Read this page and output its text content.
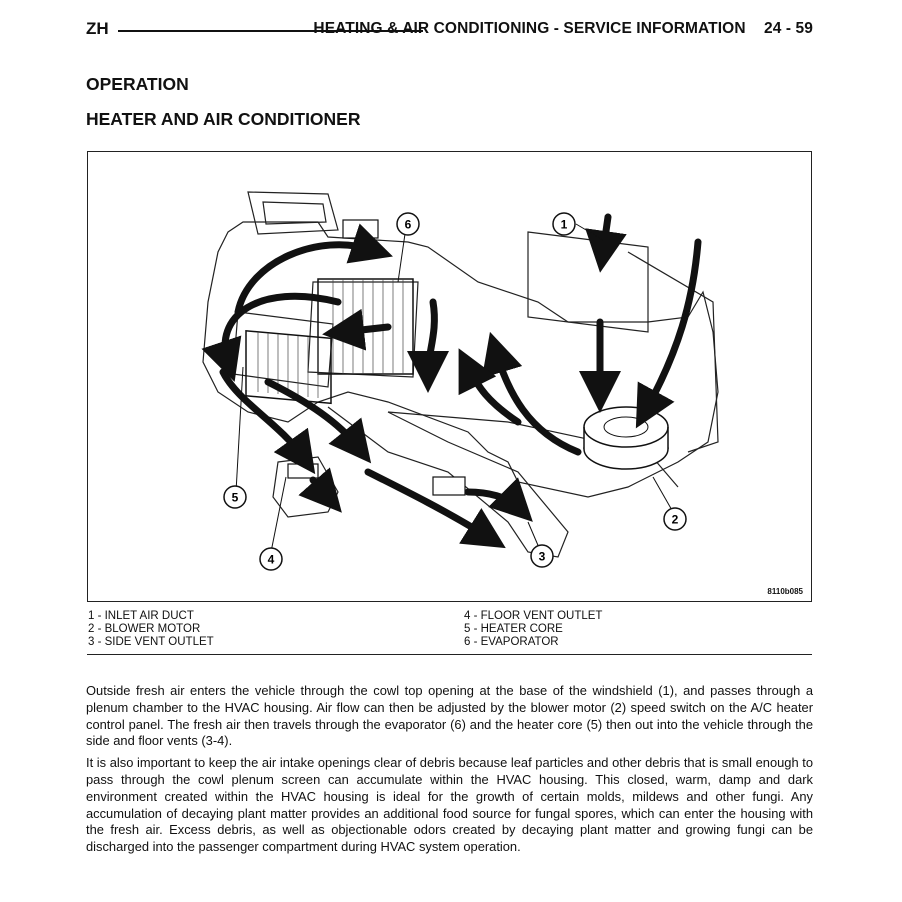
ZH	HEATING & AIR CONDITIONING - SERVICE INFORMATION 24 - 59
OPERATION
HEATER AND AIR CONDITIONER
1
2
3
4
5
6
8110b085
1 - INLET AIR DUCT
2 - BLOWER MOTOR
3 - SIDE VENT OUTLET
4 - FLOOR VENT OUTLET
5 - HEATER CORE
6 - EVAPORATOR

Outside fresh air enters the vehicle through the cowl top opening at the base of the windshield (1), and passes through a plenum chamber to the HVAC housing. Air flow can then be adjusted by the blower motor (2) speed switch on the A/C heater control panel. The fresh air then travels through the evaporator (6) and the heater core (5) then out into the vehicle through the side and floor vents (3-4).

It is also important to keep the air intake openings clear of debris because leaf particles and other debris that is small enough to pass through the cowl plenum screen can accumulate within the HVAC housing. This closed, warm, damp and dark environment created within the HVAC housing is ideal for the growth of certain molds, mildews and other fungi. Any accumulation of decaying plant matter provides an additional food source for fungal spores, which can enter the housing with the fresh air. Excess debris, as well as objectionable odors created by decaying plant matter and growing fungi can be discharged into the passenger compartment during HVAC system operation.
